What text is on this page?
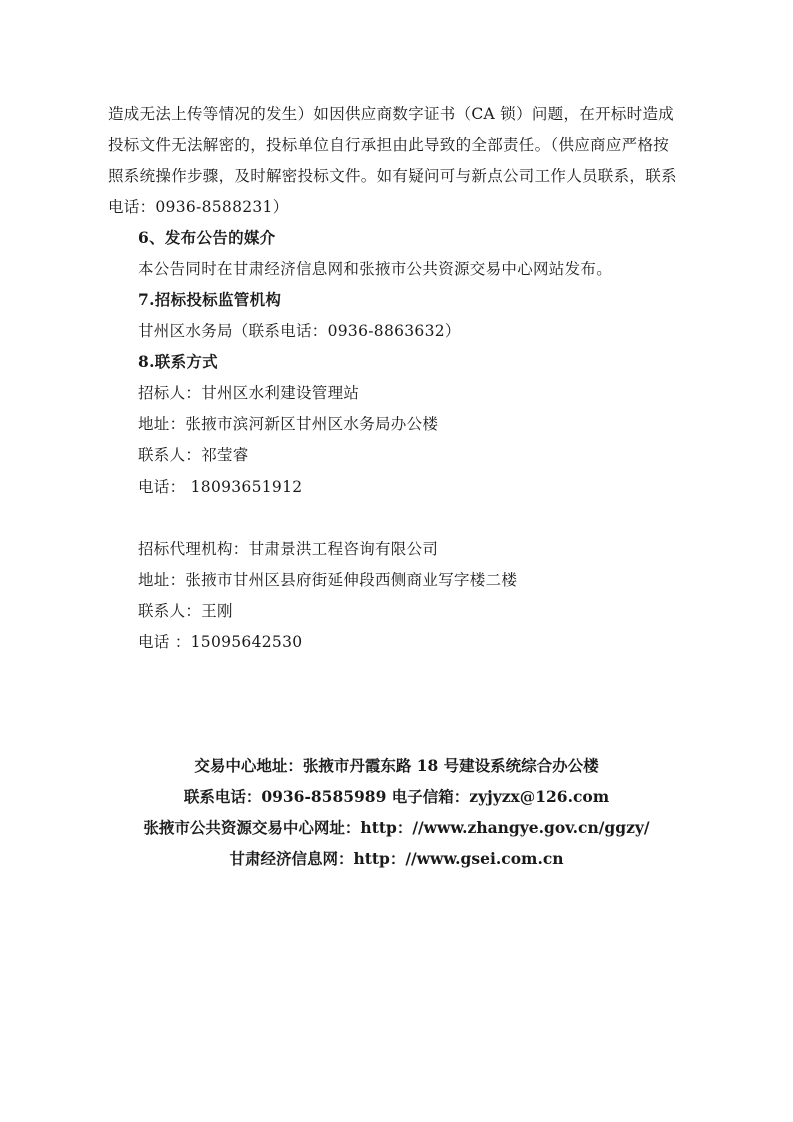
造成无法上传等情况的发生）如因供应商数字证书（CA 锁）问题，在开标时造成
投标文件无法解密的，投标单位自行承担由此导致的全部责任。（供应商应严格按
照系统操作步骤，及时解密投标文件。如有疑问可与新点公司工作人员联系，联系
电话：0936-8588231）
6、发布公告的媒介
本公告同时在甘肃经济信息网和张掖市公共资源交易中心网站发布。
7.招标投标监管机构
甘州区水务局（联系电话：0936-8863632）
8.联系方式
招标人：甘州区水利建设管理站
地址：张掖市滨河新区甘州区水务局办公楼
联系人：祁莹睿
电话： 18093651912
招标代理机构：甘肃景洪工程咨询有限公司
地址：张掖市甘州区县府街延伸段西侧商业写字楼二楼
联系人：王刚
电话 ：15095642530
交易中心地址：张掖市丹霞东路 18 号建设系统综合办公楼
联系电话：0936-8585989 电子信箱：zyjyzx@126.com
张掖市公共资源交易中心网址：http：//www.zhangye.gov.cn/ggzy/
甘肃经济信息网：http：//www.gsei.com.cn
